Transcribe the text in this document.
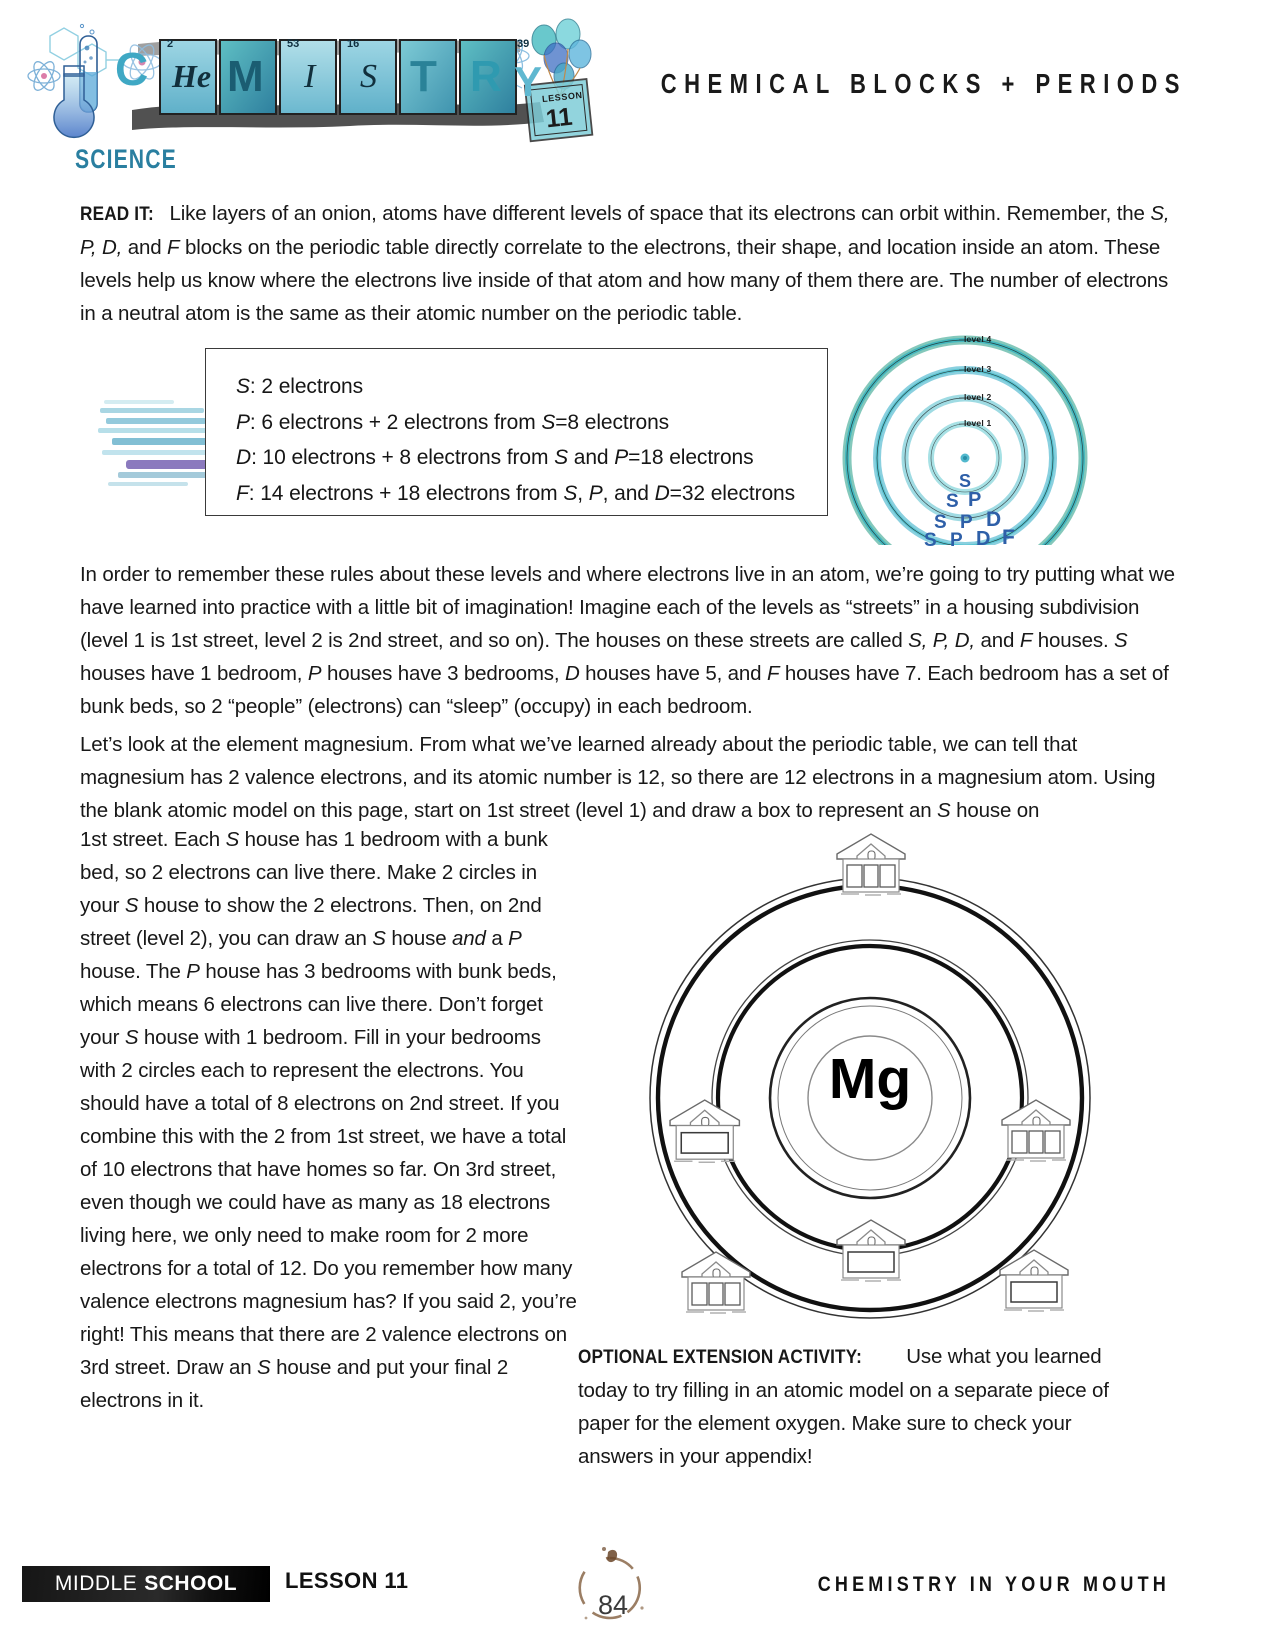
C 2
He M
53
I
16
S T R
39
Y LESSON
11
SCIENCE
CHEMICAL BLOCKS + PERIODS
READ IT: Like layers of an onion, atoms have different levels of space that its electrons can orbit within. Remember, the S, P, D, and F blocks on the periodic table directly correlate to the electrons, their shape, and location inside an atom. These levels help us know where the electrons live inside of that atom and how many of them there are. The number of electrons in a neutral atom is the same as their atomic number on the periodic table.
S: 2 electrons
P: 6 electrons + 2 electrons from S=8 electrons
D: 10 electrons + 8 electrons from S and P=18 electrons
F: 14 electrons + 18 electrons from S, P, and D=32 electrons
level 4
level 3
level 2
level 1
S
S P
S P D
S P D F
In order to remember these rules about these levels and where electrons live in an atom, we’re going to try putting what we have learned into practice with a little bit of imagination! Imagine each of the levels as “streets” in a housing subdivision (level 1 is 1st street, level 2 is 2nd street, and so on). The houses on these streets are called S, P, D, and F houses. S houses have 1 bedroom, P houses have 3 bedrooms, D houses have 5, and F houses have 7. Each bedroom has a set of bunk beds, so 2 “people” (electrons) can “sleep” (occupy) in each bedroom.
Let’s look at the element magnesium. From what we’ve learned already about the periodic table, we can tell that magnesium has 2 valence electrons, and its atomic number is 12, so there are 12 electrons in a magnesium atom. Using the blank atomic model on this page, start on 1st street (level 1) and draw a box to represent an S house on
1st street. Each S house has 1 bedroom with a bunk bed, so 2 electrons can live there. Make 2 circles in your S house to show the 2 electrons. Then, on 2nd street (level 2), you can draw an S house and a P house. The P house has 3 bedrooms with bunk beds, which means 6 electrons can live there. Don’t forget your S house with 1 bedroom. Fill in your bedrooms with 2 circles each to represent the electrons. You should have a total of 8 electrons on 2nd street. If you combine this with the 2 from 1st street, we have a total of 10 electrons that have homes so far. On 3rd street, even though we could have as many as 18 electrons living here, we only need to make room for 2 more electrons for a total of 12. Do you remember how many valence electrons magnesium has? If you said 2, you’re right! This means that there are 2 valence electrons on 3rd street. Draw an S house and put your final 2 electrons in it.
Mg
OPTIONAL EXTENSION ACTIVITY: Use what you learned today to try filling in an atomic model on a separate piece of paper for the element oxygen. Make sure to check your answers in your appendix!
MIDDLE SCHOOL LESSON 11
84
CHEMISTRY IN YOUR MOUTH
